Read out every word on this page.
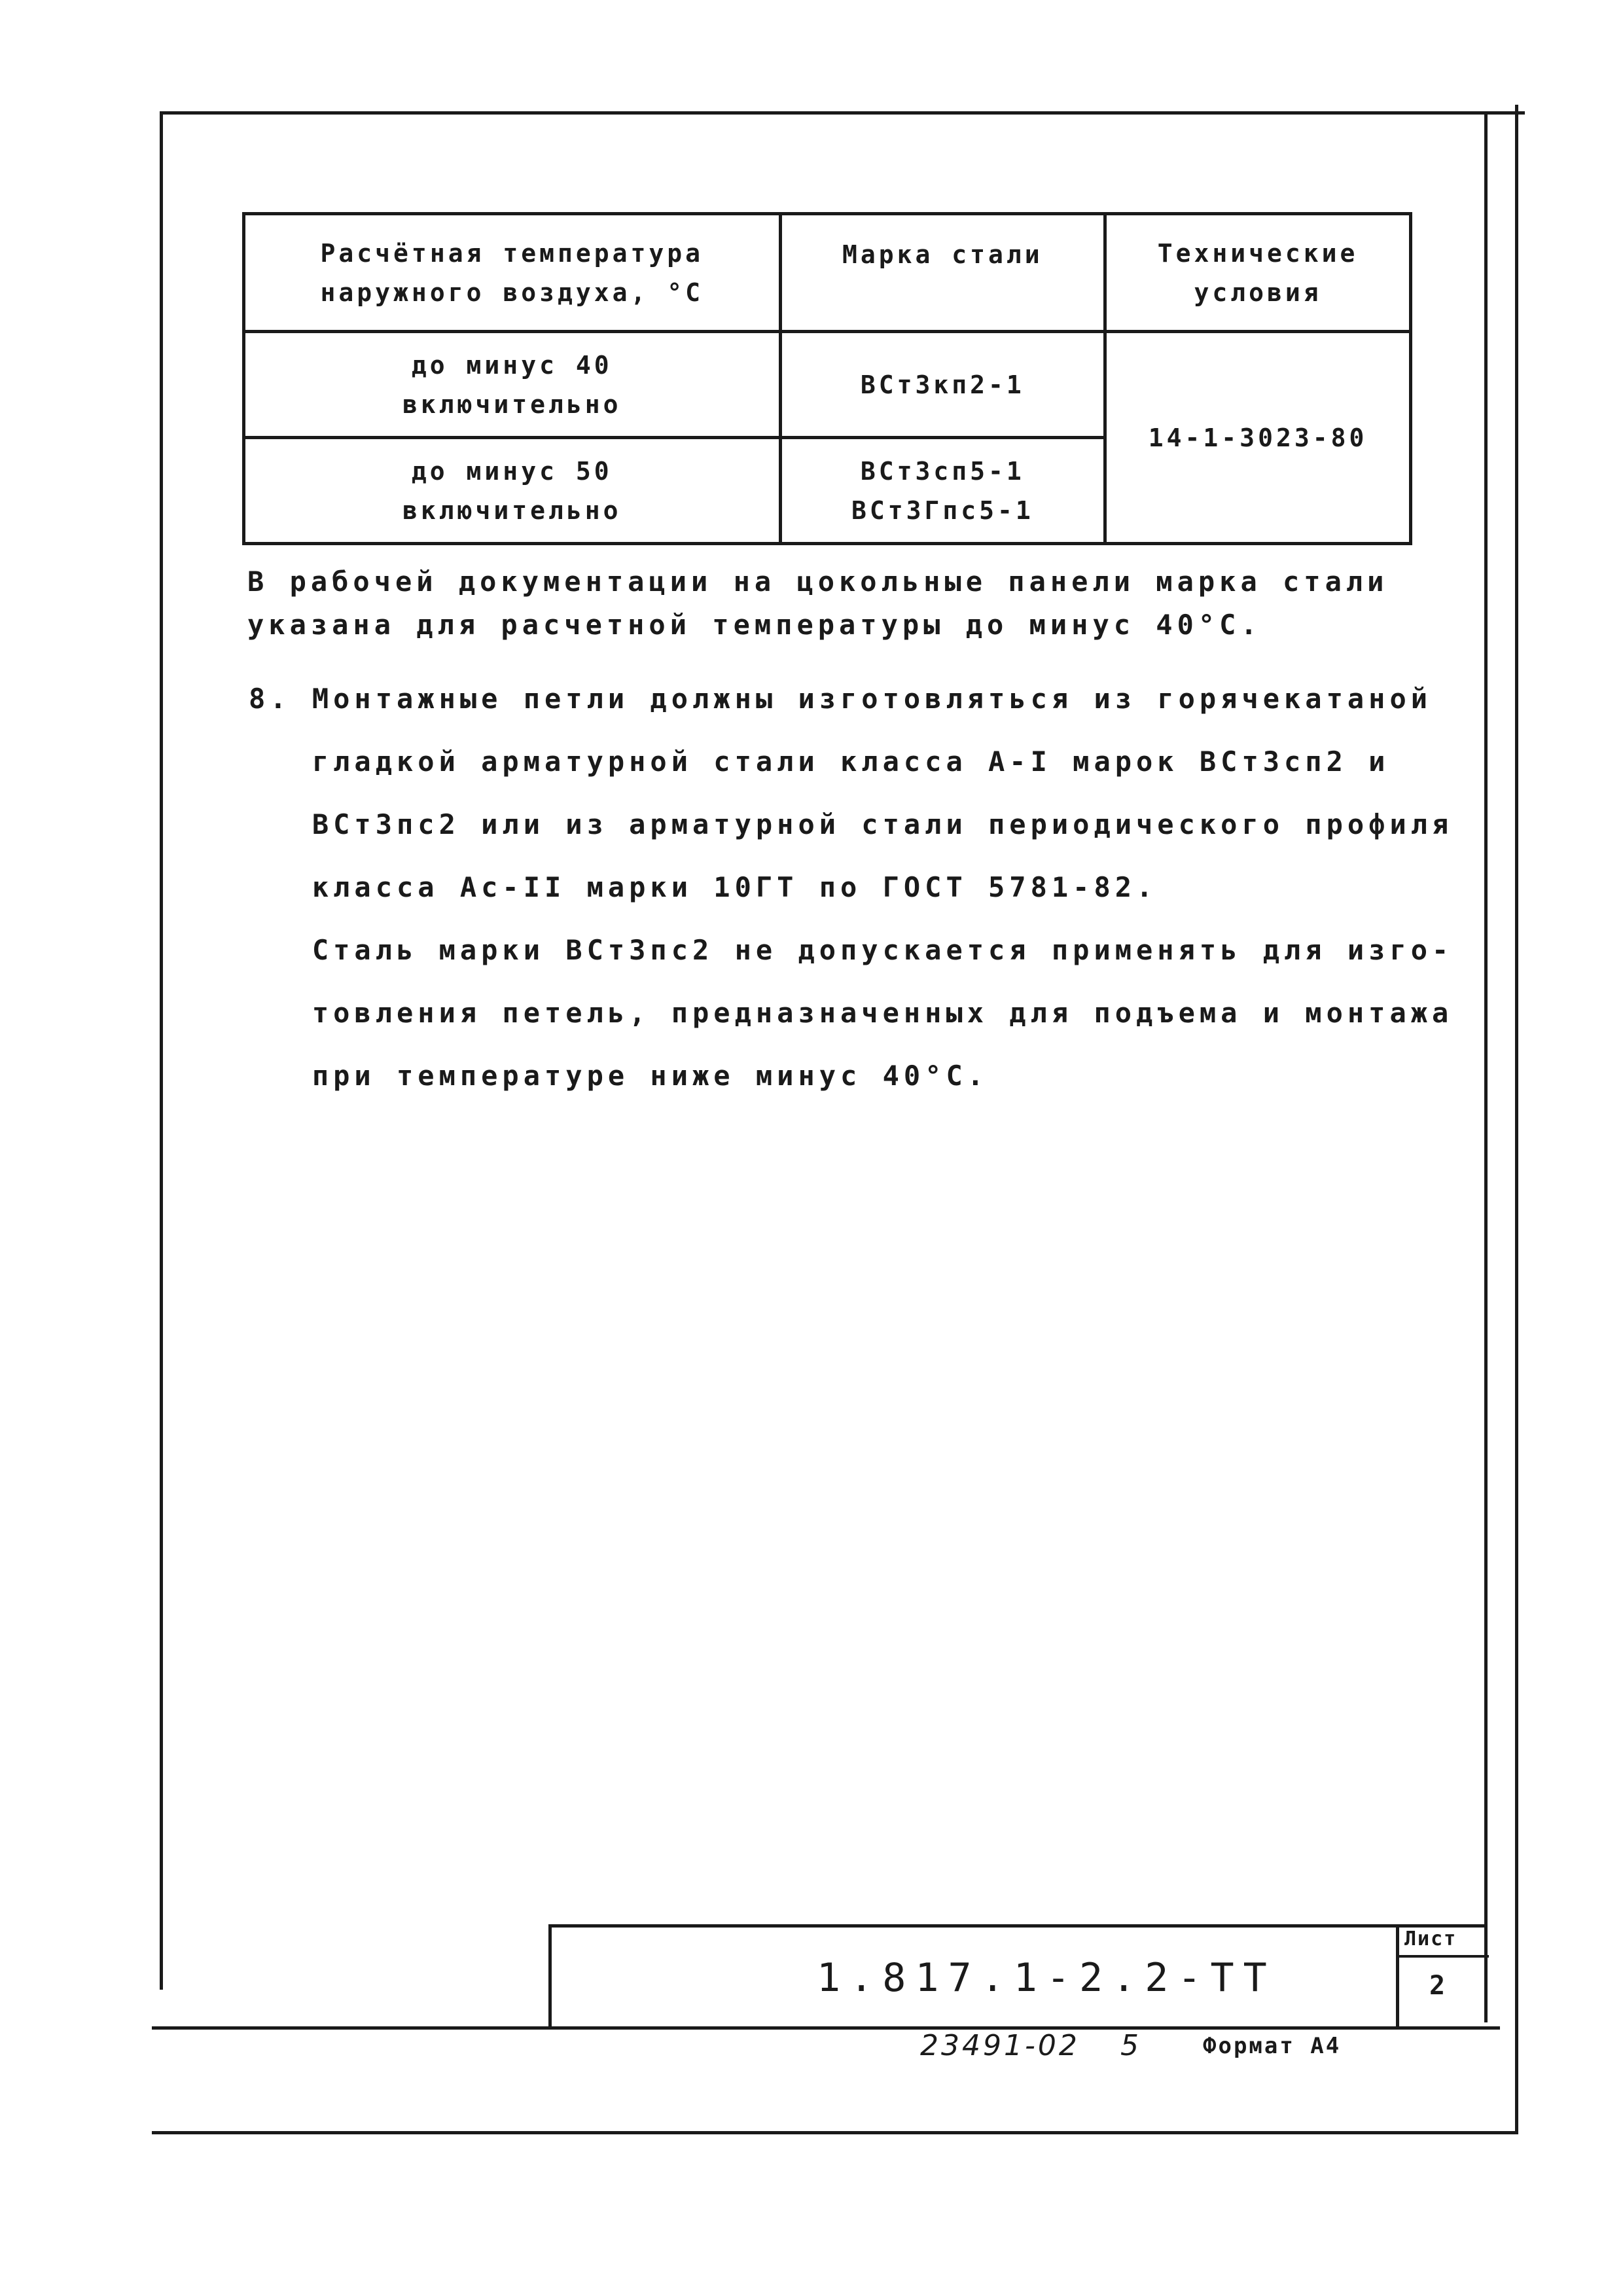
Расчётная температура наружного воздуха, °С	Марка стали	Технические условия
до минус 40 включительно	ВСт3кп2-1	14-1-3023-80
до минус 50 включительно	ВСт3сп5-1 ВСт3Гпс5-1	
В рабочей документации на цокольные панели марка стали
указана для расчетной температуры до минус 40°С.
8. Монтажные петли должны изготовляться из горячекатаной
гладкой арматурной стали класса А-I марок ВСт3сп2 и
ВСт3пс2 или из арматурной стали периодического профиля
класса Ас-II марки 10ГТ по ГОСТ 5781-82.
Сталь марки ВСт3пс2 не допускается применять для изго-
товления петель, предназначенных для подъема и монтажа
при температуре ниже минус 40°С.
1.817.1-2.2-ТТ
Лист
2
23491-02 5	Формат А4
